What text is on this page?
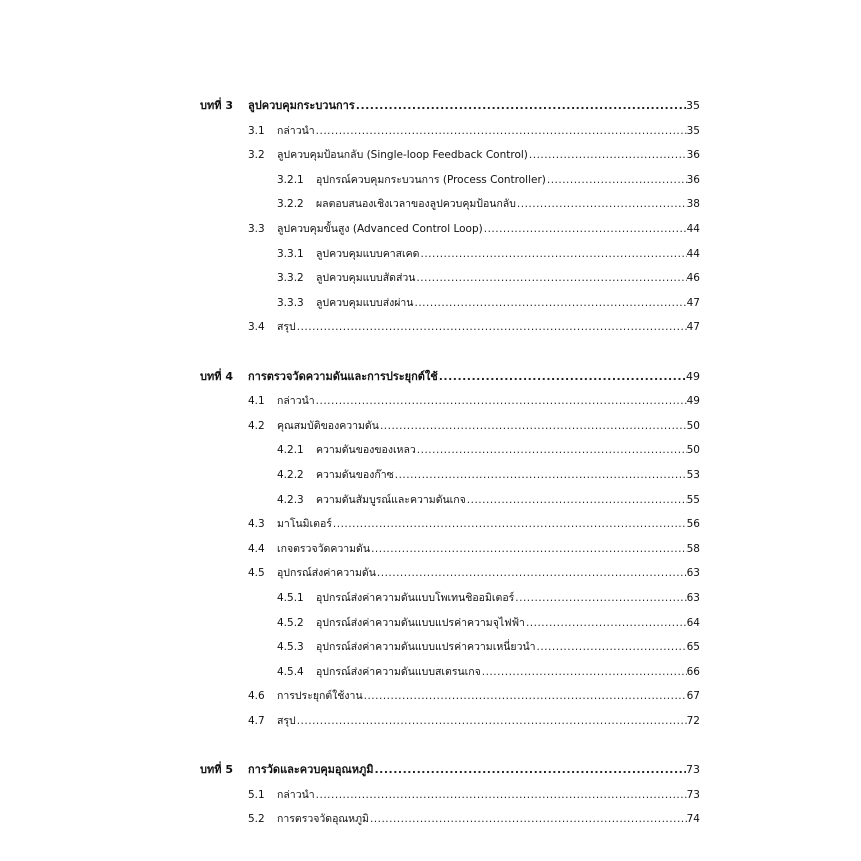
บทที่ 3	ลูปควบคุมกระบวนการ .....	35
3.1	กล่าวนำ .....	35
3.2	ลูปควบคุมป้อนกลับ (Single-loop Feedback Control) .....	36
3.2.1	อุปกรณ์ควบคุมกระบวนการ (Process Controller) .....	36
3.2.2	ผลตอบสนองเชิงเวลาของลูปควบคุมป้อนกลับ .....	38
3.3	ลูปควบคุมขั้นสูง (Advanced Control Loop) .....	44
3.3.1	ลูปควบคุมแบบคาสเคด .....	44
3.3.2	ลูปควบคุมแบบสัดส่วน .....	46
3.3.3	ลูปควบคุมแบบส่งผ่าน .....	47
3.4	สรุป .....	47
บทที่ 4	การตรวจวัดความดันและการประยุกต์ใช้ .....	49
4.1	กล่าวนำ .....	49
4.2	คุณสมบัติของความดัน .....	50
4.2.1	ความดันของของเหลว .....	50
4.2.2	ความดันของก๊าซ .....	53
4.2.3	ความดันสัมบูรณ์และความดันเกจ .....	55
4.3	มาโนมิเตอร์ .....	56
4.4	เกจตรวจวัดความดัน .....	58
4.5	อุปกรณ์ส่งค่าความดัน .....	63
4.5.1	อุปกรณ์ส่งค่าความดันแบบโพเทนชิออมิเตอร์ .....	63
4.5.2	อุปกรณ์ส่งค่าความดันแบบแปรค่าความจุไฟฟ้า .....	64
4.5.3	อุปกรณ์ส่งค่าความดันแบบแปรค่าความเหนี่ยวนำ .....	65
4.5.4	อุปกรณ์ส่งค่าความดันแบบสเตรนเกจ .....	66
4.6	การประยุกต์ใช้งาน .....	67
4.7	สรุป .....	72
บทที่ 5	การวัดและควบคุมอุณหภูมิ .....	73
5.1	กล่าวนำ .....	73
5.2	การตรวจวัดอุณหภูมิ .....	74
